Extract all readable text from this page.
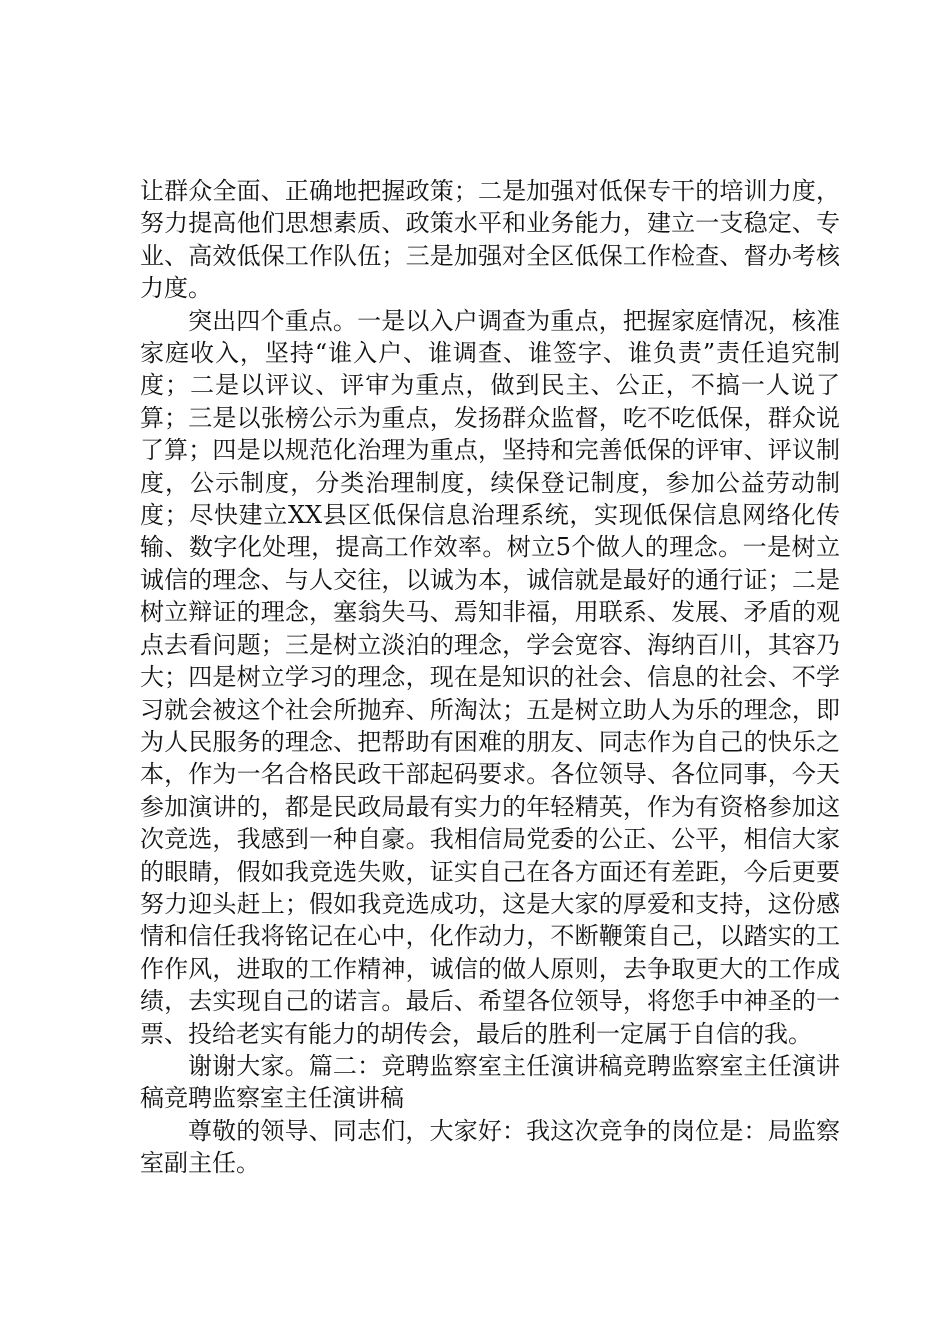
让群众全面、正确地把握政策；二是加强对低保专干的培训力度，努力提高他们思想素质、政策水平和业务能力，建立一支稳定、专业、高效低保工作队伍；三是加强对全区低保工作检查、督办考核力度。

突出四个重点。一是以入户调查为重点，把握家庭情况，核准家庭收入，坚持“谁入户、谁调查、谁签字、谁负责”责任追究制度；二是以评议、评审为重点，做到民主、公正，不搞一人说了算；三是以张榜公示为重点，发扬群众监督，吃不吃低保，群众说了算；四是以规范化治理为重点，坚持和完善低保的评审、评议制度，公示制度，分类治理制度，续保登记制度，参加公益劳动制度；尽快建立XX县区低保信息治理系统，实现低保信息网络化传输、数字化处理，提高工作效率。树立5个做人的理念。一是树立诚信的理念、与人交往，以诚为本，诚信就是最好的通行证；二是树立辩证的理念，塞翁失马、焉知非福，用联系、发展、矛盾的观点去看问题；三是树立淡泊的理念，学会宽容、海纳百川，其容乃大；四是树立学习的理念，现在是知识的社会、信息的社会、不学习就会被这个社会所抛弃、所淘汰；五是树立助人为乐的理念，即为人民服务的理念、把帮助有困难的朋友、同志作为自己的快乐之本，作为一名合格民政干部起码要求。各位领导、各位同事，今天参加演讲的，都是民政局最有实力的年轻精英，作为有资格参加这次竞选，我感到一种自豪。我相信局党委的公正、公平，相信大家的眼睛，假如我竞选失败，证实自己在各方面还有差距，今后更要努力迎头赶上；假如我竞选成功，这是大家的厚爱和支持，这份感情和信任我将铭记在心中，化作动力，不断鞭策自己，以踏实的工作作风，进取的工作精神，诚信的做人原则，去争取更大的工作成绩，去实现自己的诺言。最后、希望各位领导，将您手中神圣的一票、投给老实有能力的胡传会，最后的胜利一定属于自信的我。

谢谢大家。篇二：竞聘监察室主任演讲稿竞聘监察室主任演讲稿竞聘监察室主任演讲稿

尊敬的领导、同志们，大家好：我这次竞争的岗位是：局监察室副主任。
